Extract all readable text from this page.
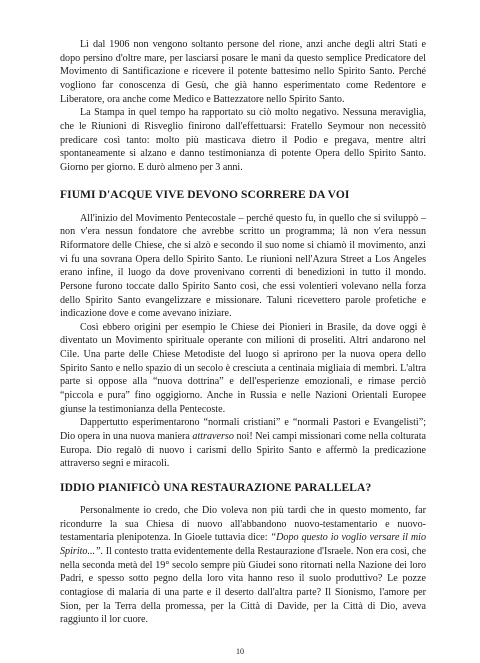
Lì dal 1906 non vengono soltanto persone del rione, anzi anche degli altri Stati e dopo persino d'oltre mare, per lasciarsi posare le mani da questo semplice Predicatore del Movimento di Santificazione e ricevere il potente battesimo nello Spirito Santo. Perché vogliono far conoscenza di Gesù, che già hanno esperimentato come Redentore e Liberatore, ora anche come Medico e Battezzatore nello Spirito Santo.

La Stampa in quel tempo ha rapportato su ciò molto negativo. Nessuna meraviglia, che le Riunioni di Risveglio finirono dall'effettuarsi: Fratello Seymour non necessitò predicare così tanto: molto più masticava dietro il Podio e pregava, mentre altri spontaneamente si alzano e danno testimonianza di potente Opera dello Spirito Santo. Giorno per giorno. E durò almeno per 3 anni.

FIUMI D'ACQUE VIVE DEVONO SCORRERE DA VOI

All'inizio del Movimento Pentecostale – perché questo fu, in quello che si sviluppò – non v'era nessun fondatore che avrebbe scritto un programma; là non v'era nessun Riformatore delle Chiese, che si alzò e secondo il suo nome si chiamò il movimento, anzi vi fu una sovrana Opera dello Spirito Santo. Le riunioni nell'Azura Street a Los Angeles erano infine, il luogo da dove provenivano correnti di benedizioni in tutto il mondo. Persone furono toccate dallo Spirito Santo così, che essi volentieri volevano nella forza dello Spirito Santo evangelizzare e missionare. Taluni ricevettero parole profetiche e indicazione dove e come avevano iniziare.

Così ebbero origini per esempio le Chiese dei Pionieri in Brasile, da dove oggi è diventato un Movimento spirituale operante con milioni di proseliti. Altri andarono nel Cile. Una parte delle Chiese Metodiste del luogo si aprirono per la nuova opera dello Spirito Santo e nello spazio di un secolo è cresciuta a centinaia migliaia di membri. L'altra parte si oppose alla “nuova dottrina” e dell'esperienze emozionali, e rimase perciò “piccola e pura” fino oggigiorno. Anche in Russia e nelle Nazioni Orientali Europee giunse la testimonianza della Pentecoste.

Dappertutto esperimentarono “normali cristiani” e “normali Pastori e Evangelisti”; Dio opera in una nuova maniera attraverso noi! Nei campi missionari come nella colturata Europa. Dio regalò di nuovo i carismi dello Spirito Santo e affermò la predicazione attraverso segni e miracoli.

IDDIO PIANIFICÒ UNA RESTAURAZIONE PARALLELA?

Personalmente io credo, che Dio voleva non più tardi che in questo momento, far ricondurre la sua Chiesa di nuovo all'abbandono nuovo-testamentario e nuovo-testamentaria plenipotenza. In Gioele tuttavia dice: “Dopo questo io voglio versare il mio Spirito...”. Il contesto tratta evidentemente della Restaurazione d'Israele. Non era così, che nella seconda metà del 19° secolo sempre più Giudei sono ritornati nella Nazione dei loro Padri, e spesso sotto pegno della loro vita hanno reso il suolo produttivo? Le pozze contagiose di malaria di una parte e il deserto dall'altra parte? Il Sionismo, l'amore per Sion, per la Terra della promessa, per la Città di Davide, per la Città di Dio, aveva raggiunto il lor cuore.

10
